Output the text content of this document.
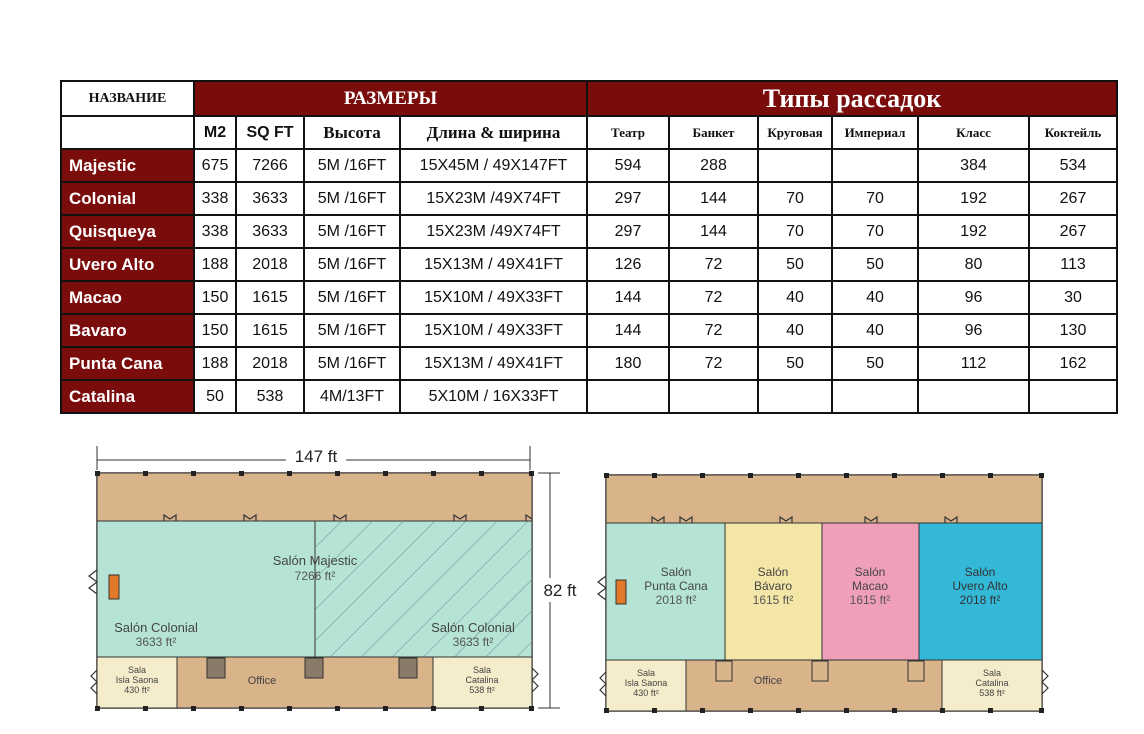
НАЗВАНИЕ	РАЗМЕРЫ				Типы рассадок					
	M2	SQ FT	Высота	Длина & ширина	Театр	Банкет	Круговая	Империал	Класс	Коктейль
Majestic	675	7266	5M /16FT	15X45M / 49X147FT	594	288			384	534
Colonial	338	3633	5M /16FT	15X23M /49X74FT	297	144	70	70	192	267
Quisqueya	338	3633	5M /16FT	15X23M /49X74FT	297	144	70	70	192	267
Uvero Alto	188	2018	5M /16FT	15X13M / 49X41FT	126	72	50	50	80	113
Macao	150	1615	5M /16FT	15X10M / 49X33FT	144	72	40	40	96	30
Bavaro	150	1615	5M /16FT	15X10M / 49X33FT	144	72	40	40	96	130
Punta Cana	188	2018	5M /16FT	15X13M / 49X41FT	180	72	50	50	112	162
Catalina	50	538	4M/13FT	5X10M / 16X33FT						
147 ft
82 ft
Salón Majestic
7266 ft²
Salón Colonial
3633 ft²
Salón Colonial
3633 ft²
Sala
Isla Saona
430 ft²
Office
Sala
Catalina
538 ft²
Salón
Punta Cana
2018 ft²
Salón
Bávaro
1615 ft²
Salón
Macao
1615 ft²
Salón
Uvero Alto
2018 ft²
Sala
Isla Saona
430 ft²
Office
Sala
Catalina
538 ft²
